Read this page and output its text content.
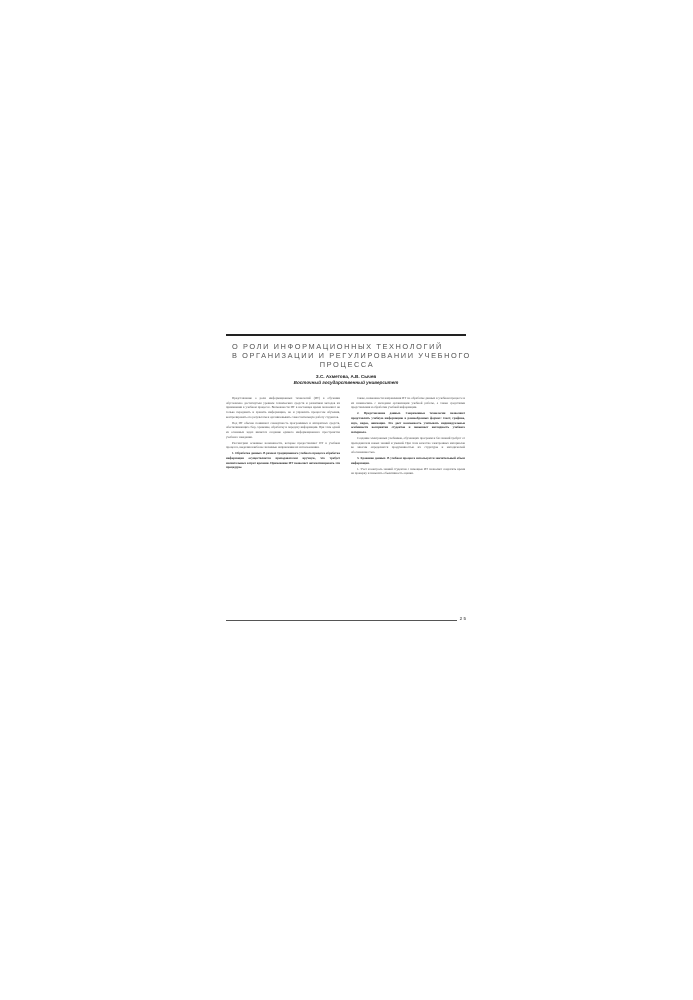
О РОЛИ ИНФОРМАЦИОННЫХ ТЕХНОЛОГИЙ
В ОРГАНИЗАЦИИ И РЕГУЛИРОВАНИИ УЧЕБНОГО
ПРОЦЕССА
З.С. Ахметова, А.В. Сычев
Восточный государственный университет

Представление о роли информационных технологий (ИТ) в обучении обусловлено достигнутым уровнем технических средств и развитием методов их применения в учебном процессе. Возможности ИТ в настоящее время позволяют не только передавать и хранить информацию, но и управлять процессом обучения, контролировать его результаты и организовывать самостоятельную работу студентов.

Под ИТ обычно понимают совокупность программных и аппаратных средств, обеспечивающих сбор, хранение, обработку и передачу информации. При этом одной из основных задач является создание единого информационного пространства учебного заведения.

Рассмотрим основные возможности, которые предоставляют ИТ в учебном процессе, выделив наиболее значимые направления их использования.

1. Обработка данных. В рамках традиционного учебного процесса обработка информации осуществляется преподавателем вручную, что требует значительных затрат времени. Применение ИТ позволяет автоматизировать эти процедуры.

также, возможности направления ИТ по обработке данных в учебном процессе и их взаимосвязь с методами организации учебной работы, а также средствами представления и обработки учебной информации.

2. Представление данных. Современные технологии позволяют представлять учебную информацию в разнообразных формах: текст, графика, звук, видео, анимация. Это дает возможность учитывать индивидуальные особенности восприятия студентов и повышает наглядность учебного материала.

Создание электронных учебников, обучающих программ и баз знаний требует от преподавателя новых знаний и умений. При этом качество электронных материалов во многом определяется продуманностью их структуры и методической обоснованностью.

3. Хранение данных. В учебном процессе используется значительный объем информации.

1. Учет и контроль знаний студентов с помощью ИТ позволяет сократить время на проверку и повысить объективность оценки.

2 5
